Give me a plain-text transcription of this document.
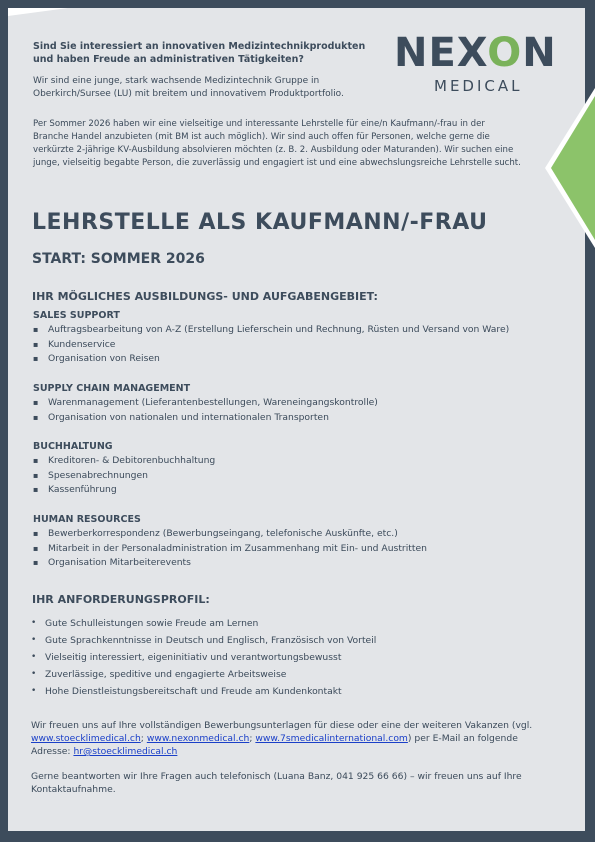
NEXON
MEDICAL
Sind Sie interessiert an innovativen Medizintechnikprodukten und haben Freude an administrativen Tätigkeiten?
Wir sind eine junge, stark wachsende Medizintechnik Gruppe in Oberkirch/Sursee (LU) mit breitem und innovativem Produktportfolio.
Per Sommer 2026 haben wir eine vielseitige und interessante Lehrstelle für eine/n Kaufmann/-frau in der Branche Handel anzubieten (mit BM ist auch möglich). Wir sind auch offen für Personen, welche gerne die verkürzte 2-jährige KV-Ausbildung absolvieren möchten (z. B. 2. Ausbildung oder Maturanden). Wir suchen eine junge, vielseitig begabte Person, die zuverlässig und engagiert ist und eine abwechslungsreiche Lehrstelle sucht.
LEHRSTELLE ALS KAUFMANN/-FRAU
START: SOMMER 2026
IHR MÖGLICHES AUSBILDUNGS- UND AUFGABENGEBIET:
SALES SUPPORT
▪ Auftragsbearbeitung von A-Z (Erstellung Lieferschein und Rechnung, Rüsten und Versand von Ware)
▪ Kundenservice
▪ Organisation von Reisen
SUPPLY CHAIN MANAGEMENT
▪ Warenmanagement (Lieferantenbestellungen, Wareneingangskontrolle)
▪ Organisation von nationalen und internationalen Transporten
BUCHHALTUNG
▪ Kreditoren- & Debitorenbuchhaltung
▪ Spesenabrechnungen
▪ Kassenführung
HUMAN RESOURCES
▪ Bewerberkorrespondenz (Bewerbungseingang, telefonische Auskünfte, etc.)
▪ Mitarbeit in der Personaladministration im Zusammenhang mit Ein- und Austritten
▪ Organisation Mitarbeiterevents
IHR ANFORDERUNGSPROFIL:
• Gute Schulleistungen sowie Freude am Lernen
• Gute Sprachkenntnisse in Deutsch und Englisch, Französisch von Vorteil
• Vielseitig interessiert, eigeninitiativ und verantwortungsbewusst
• Zuverlässige, speditive und engagierte Arbeitsweise
• Hohe Dienstleistungsbereitschaft und Freude am Kundenkontakt
Wir freuen uns auf Ihre vollständigen Bewerbungsunterlagen für diese oder eine der weiteren Vakanzen (vgl. www.stoecklimedical.ch; www.nexonmedical.ch; www.7smedicalinternational.com) per E-Mail an folgende Adresse: hr@stoecklimedical.ch
Gerne beantworten wir Ihre Fragen auch telefonisch (Luana Banz, 041 925 66 66) – wir freuen uns auf Ihre Kontaktaufnahme.
